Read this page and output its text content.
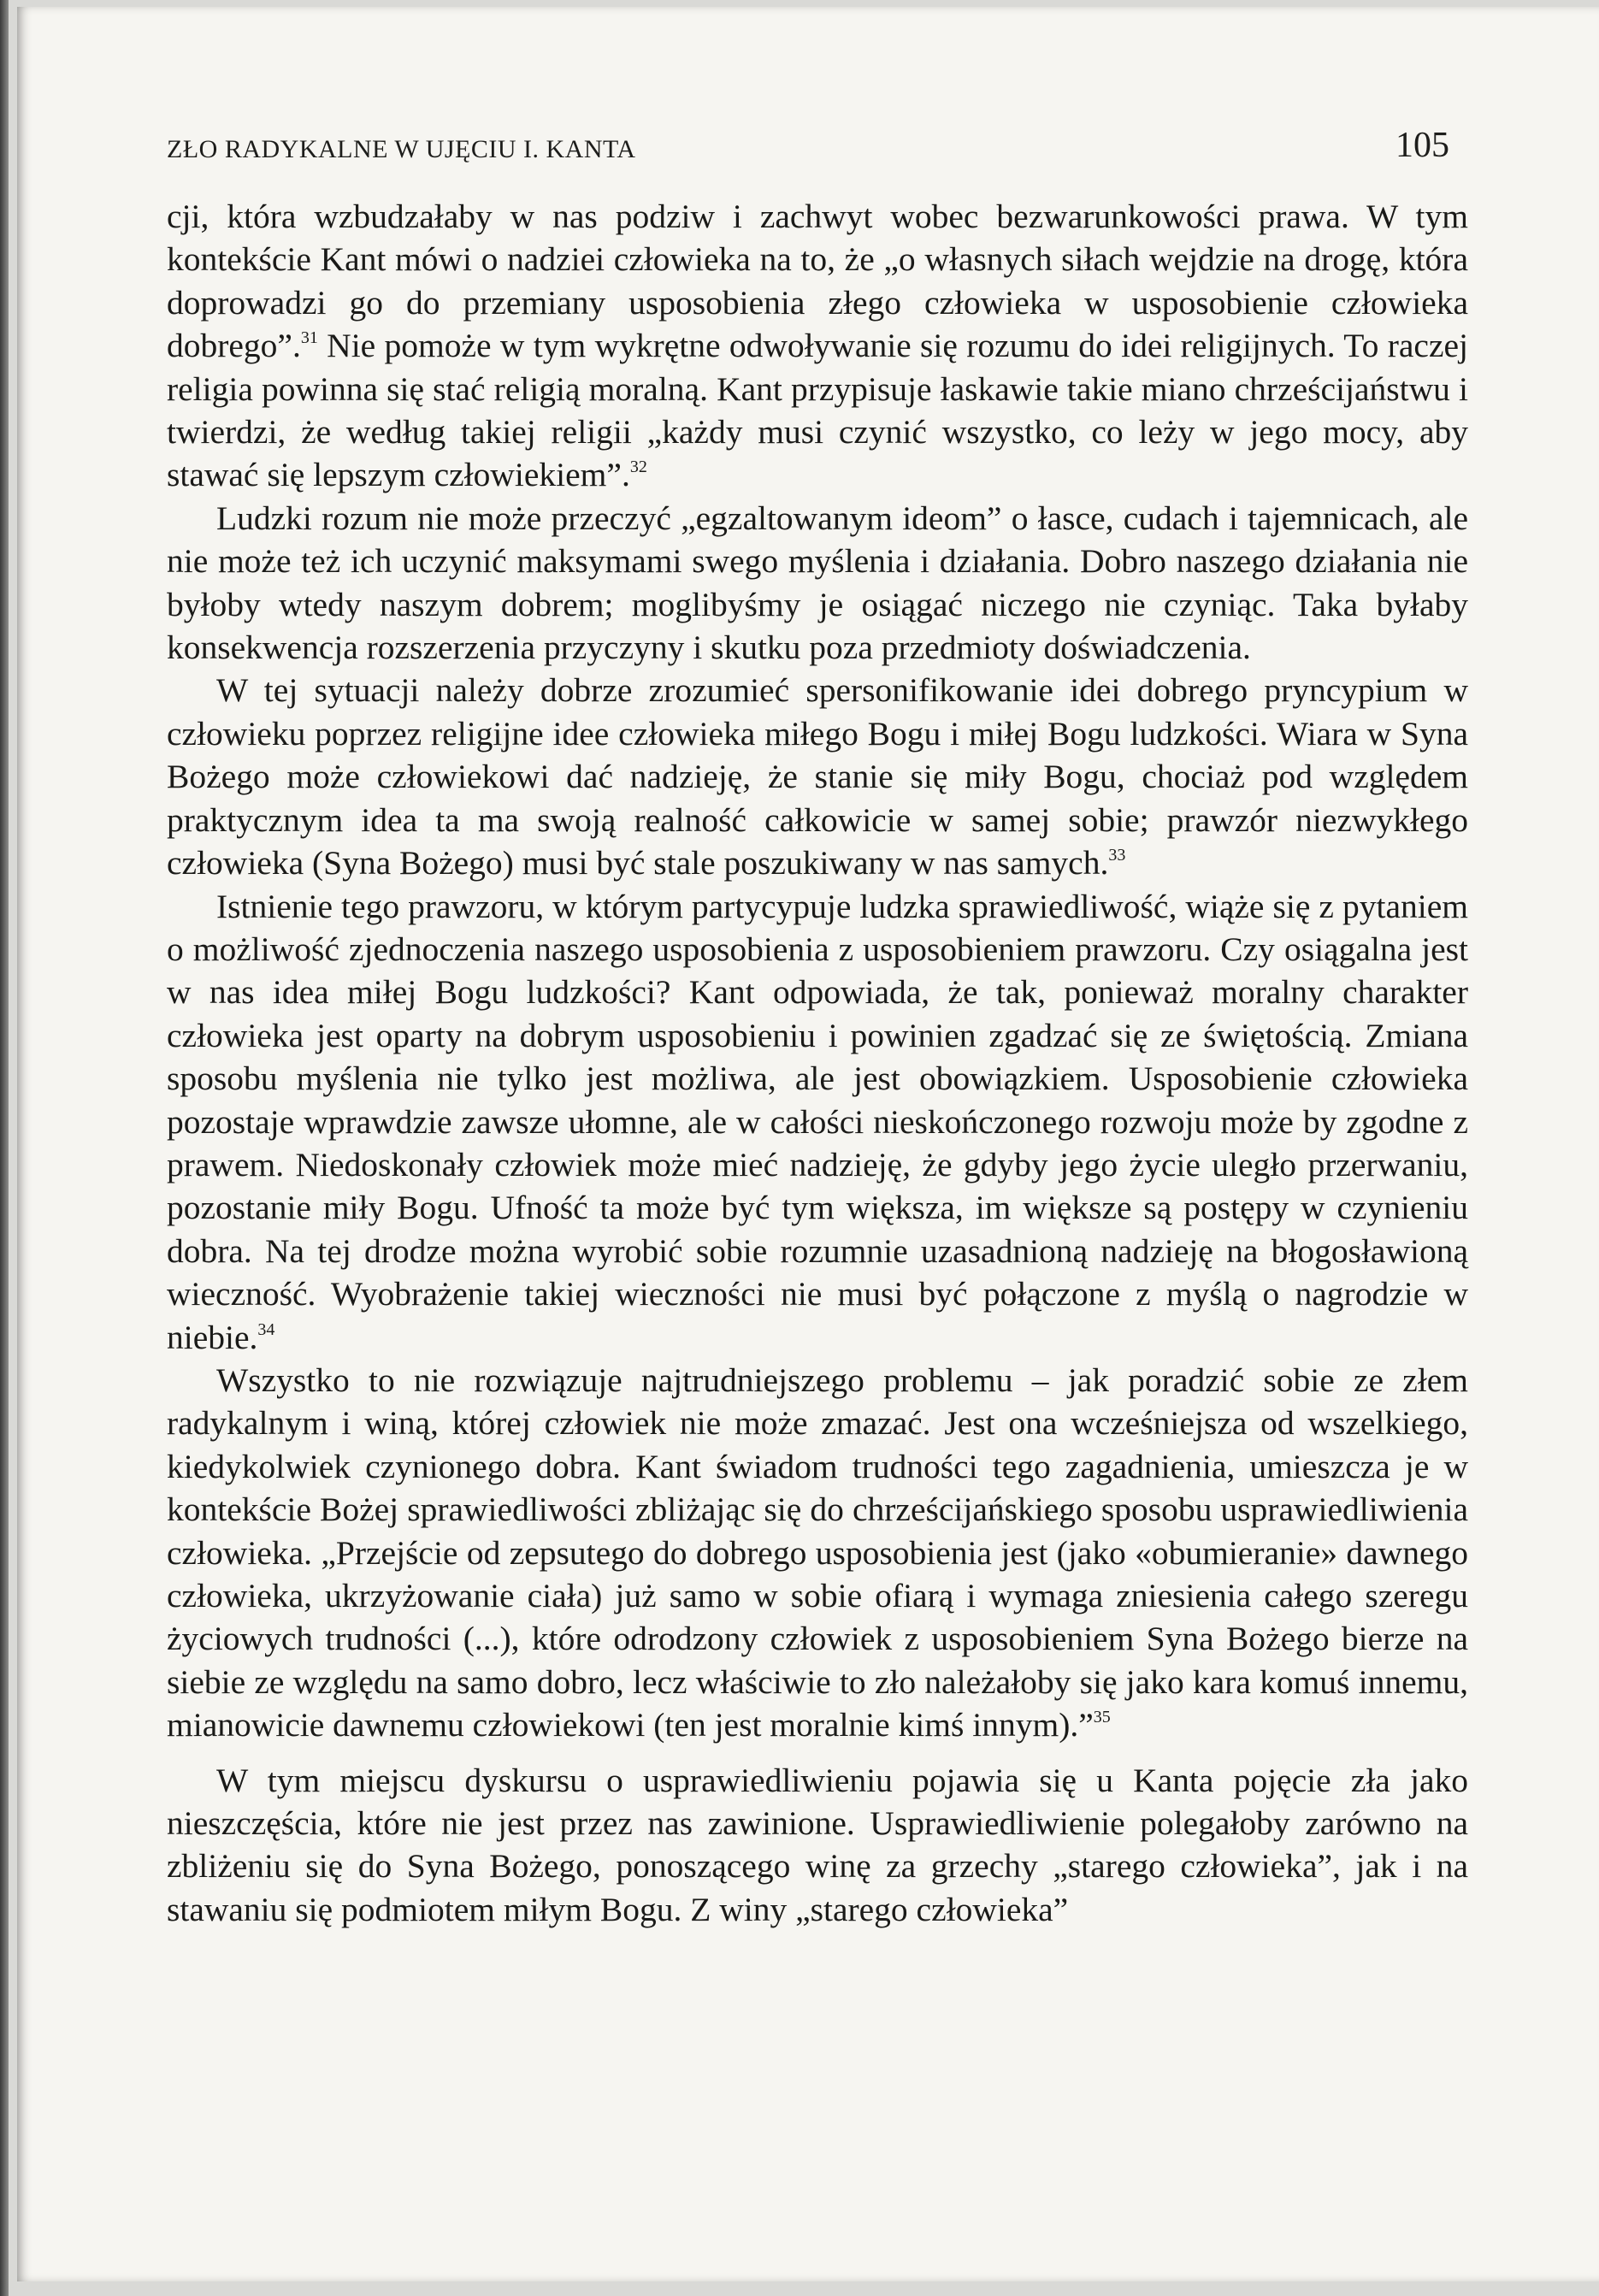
ZŁO RADYKALNE W UJĘCIU I. KANTA	105

cji, która wzbudzałaby w nas podziw i zachwyt wobec bezwarunkowości prawa. W tym kontekście Kant mówi o nadziei człowieka na to, że „o własnych siłach wejdzie na drogę, która doprowadzi go do przemiany usposobienia złego człowieka w usposobienie człowieka dobrego”.$^{31}$ Nie pomoże w tym wykrętne odwoływanie się rozumu do idei religijnych. To raczej religia powinna się stać religią moralną. Kant przypisuje łaskawie takie miano chrześcijaństwu i twierdzi, że według takiej religii „każdy musi czynić wszystko, co leży w jego mocy, aby stawać się lepszym człowiekiem”.$^{32}$

Ludzki rozum nie może przeczyć „egzaltowanym ideom” o łasce, cudach i tajemnicach, ale nie może też ich uczynić maksymami swego myślenia i działania. Dobro naszego działania nie byłoby wtedy naszym dobrem; moglibyśmy je osiągać niczego nie czyniąc. Taka byłaby konsekwencja rozszerzenia przyczyny i skutku poza przedmioty doświadczenia.

W tej sytuacji należy dobrze zrozumieć spersonifikowanie idei dobrego pryncypium w człowieku poprzez religijne idee człowieka miłego Bogu i miłej Bogu ludzkości. Wiara w Syna Bożego może człowiekowi dać nadzieję, że stanie się miły Bogu, chociaż pod względem praktycznym idea ta ma swoją realność całkowicie w samej sobie; prawzór niezwykłego człowieka (Syna Bożego) musi być stale poszukiwany w nas samych.$^{33}$

Istnienie tego prawzoru, w którym partycypuje ludzka sprawiedliwość, wiąże się z pytaniem o możliwość zjednoczenia naszego usposobienia z usposobieniem prawzoru. Czy osiągalna jest w nas idea miłej Bogu ludzkości? Kant odpowiada, że tak, ponieważ moralny charakter człowieka jest oparty na dobrym usposobieniu i powinien zgadzać się ze świętością. Zmiana sposobu myślenia nie tylko jest możliwa, ale jest obowiązkiem. Usposobienie człowieka pozostaje wprawdzie zawsze ułomne, ale w całości nieskończonego rozwoju może by zgodne z prawem. Niedoskonały człowiek może mieć nadzieję, że gdyby jego życie uległo przerwaniu, pozostanie miły Bogu. Ufność ta może być tym większa, im większe są postępy w czynieniu dobra. Na tej drodze można wyrobić sobie rozumnie uzasadnioną nadzieję na błogosławioną wieczność. Wyobrażenie takiej wieczności nie musi być połączone z myślą o nagrodzie w niebie.$^{34}$

Wszystko to nie rozwiązuje najtrudniejszego problemu – jak poradzić sobie ze złem radykalnym i winą, której człowiek nie może zmazać. Jest ona wcześniejsza od wszelkiego, kiedykolwiek czynionego dobra. Kant świadom trudności tego zagadnienia, umieszcza je w kontekście Bożej sprawiedliwości zbliżając się do chrześcijańskiego sposobu usprawiedliwienia człowieka. „Przejście od zepsutego do dobrego usposobienia jest (jako «obumieranie» dawnego człowieka, ukrzyżowanie ciała) już samo w sobie ofiarą i wymaga zniesienia całego szeregu życiowych trudności (...), które odrodzony człowiek z usposobieniem Syna Bożego bierze na siebie ze względu na samo dobro, lecz właściwie to zło należałoby się jako kara komuś innemu, mianowicie dawnemu człowiekowi (ten jest moralnie kimś innym).”$^{35}$

W tym miejscu dyskursu o usprawiedliwieniu pojawia się u Kanta pojęcie zła jako nieszczęścia, które nie jest przez nas zawinione. Usprawiedliwienie polegałoby zarówno na zbliżeniu się do Syna Bożego, ponoszącego winę za grzechy „starego człowieka”, jak i na stawaniu się podmiotem miłym Bogu. Z winy „starego człowieka”
